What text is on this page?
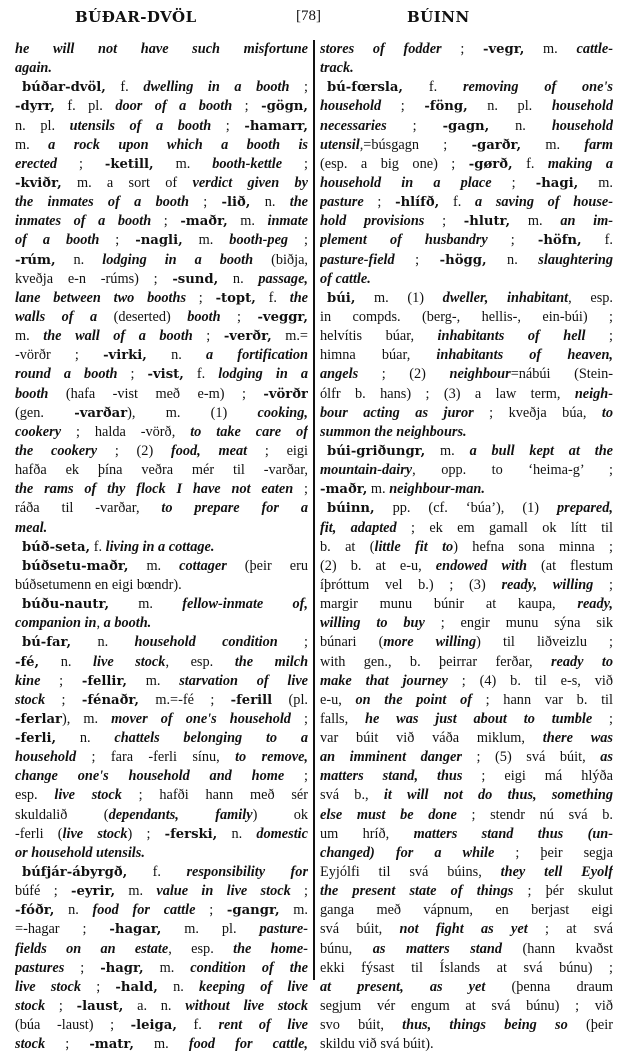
BÚÐAR-DVÖL	[78]	BÚINN
he will not have such misfortune
again.
búðar-dvöl, f. dwelling in a booth ;
-dyrr, f. pl. door of a booth ; -gögn,
n. pl. utensils of a booth ; -hamarr,
m. a rock upon which a booth is
erected ; -ketill, m. booth-kettle ;
-kviðr, m. a sort of verdict given by
the inmates of a booth ; -lið, n. the
inmates of a booth ; -maðr, m. inmate
of a booth ; -nagli, m. booth-peg ;
-rúm, n. lodging in a booth (biðja,
kveðja e-n -rúms) ; -sund, n. passage,
lane between two booths ; -topt, f. the
walls of a (deserted) booth ; -veggr,
m. the wall of a booth ; -verðr, m.=
-vörðr ; -virki, n. a fortification
round a booth ; -vist, f. lodging in a
booth (hafa -vist með e-m) ; -vörðr
(gen. -varðar), m. (1) cooking,
cookery ; halda -vörð, to take care of
the cookery ; (2) food, meat ; eigi
hafða ek þína veðra mér til -varðar,
the rams of thy flock I have not eaten ;
ráða til -varðar, to prepare for a
meal.
búð-seta, f. living in a cottage.
búðsetu-maðr, m. cottager (þeir eru
búðsetumenn en eigi bœndr).
búðu-nautr, m. fellow-inmate of,
companion in, a booth.
bú-far, n. household condition ;
-fé, n. live stock, esp. the milch
kine ; -fellir, m. starvation of live
stock ; -fénaðr, m.=-fé ; -ferill (pl.
-ferlar), m. mover of one's household ;
-ferli, n. chattels belonging to a
household ; fara -ferli sínu, to remove,
change one's household and home ;
esp. live stock ; hafði hann með sér
skuldalið (dependants, family) ok
-ferli (live stock) ; -ferski, n. domestic
or household utensils.
búfjár-ábyrgð, f. responsibility for
búfé ; -eyrir, m. value in live stock ;
-fóðr, n. food for cattle ; -gangr, m.
=-hagar ; -hagar, m. pl. pasture-
fields on an estate, esp. the home-
pastures ; -hagr, m. condition of the
live stock ; -hald, n. keeping of live
stock ; -laust, a. n. without live stock
(búa -laust) ; -leiga, f. rent of live
stock ; -matr, m. food for cattle,
stores of fodder ; -vegr, m. cattle-
track.
bú-fœrsla, f. removing of one's
household ; -föng, n. pl. household
necessaries ; -gagn, n. household
utensil,=búsgagn ; -garðr, m. farm
(esp. a big one) ; -gørð, f. making a
household in a place ; -hagi, m.
pasture ; -hlífð, f. a saving of house-
hold provisions ; -hlutr, m. an im-
plement of husbandry ; -höfn, f.
pasture-field ; -högg, n. slaughtering
of cattle.
búi, m. (1) dweller, inhabitant, esp.
in compds. (berg-, hellis-, ein-búi) ;
helvítis búar, inhabitants of hell ;
himna búar, inhabitants of heaven,
angels ; (2) neighbour=nábúi (Stein-
ólfr b. hans) ; (3) a law term, neigh-
bour acting as juror ; kveðja búa, to
summon the neighbours.
búi-griðungr, m. a bull kept at the
mountain-dairy, opp. to ‘heima-g’ ;
-maðr, m. neighbour-man.
búinn, pp. (cf. ‘búa’), (1) prepared,
fit, adapted ; ek em gamall ok lítt til
b. at (little fit to) hefna sona minna ;
(2) b. at e-u, endowed with (at flestum
íþróttum vel b.) ; (3) ready, willing ;
margir munu búnir at kaupa, ready,
willing to buy ; engir munu sýna sik
búnari (more willing) til liðveizlu ;
with gen., b. þeirrar ferðar, ready to
make that journey ; (4) b. til e-s, við
e-u, on the point of ; hann var b. til
falls, he was just about to tumble ;
var búit við váða miklum, there was
an imminent danger ; (5) svá búit, as
matters stand, thus ; eigi má hlýða
svá b., it will not do thus, something
else must be done ; stendr nú svá b.
um hríð, matters stand thus (un-
changed) for a while ; þeir segja
Eyjólfi til svá búins, they tell Eyolf
the present state of things ; þér skulut
ganga með vápnum, en berjast eigi
svá búit, not fight as yet ; at svá
búnu, as matters stand (hann kvaðst
ekki fýsast til Íslands at svá búnu) ;
at present, as yet (þenna draum
segjum vér engum at svá búnu) ; við
svo búit, thus, things being so (þeir
skildu við svá búit).
